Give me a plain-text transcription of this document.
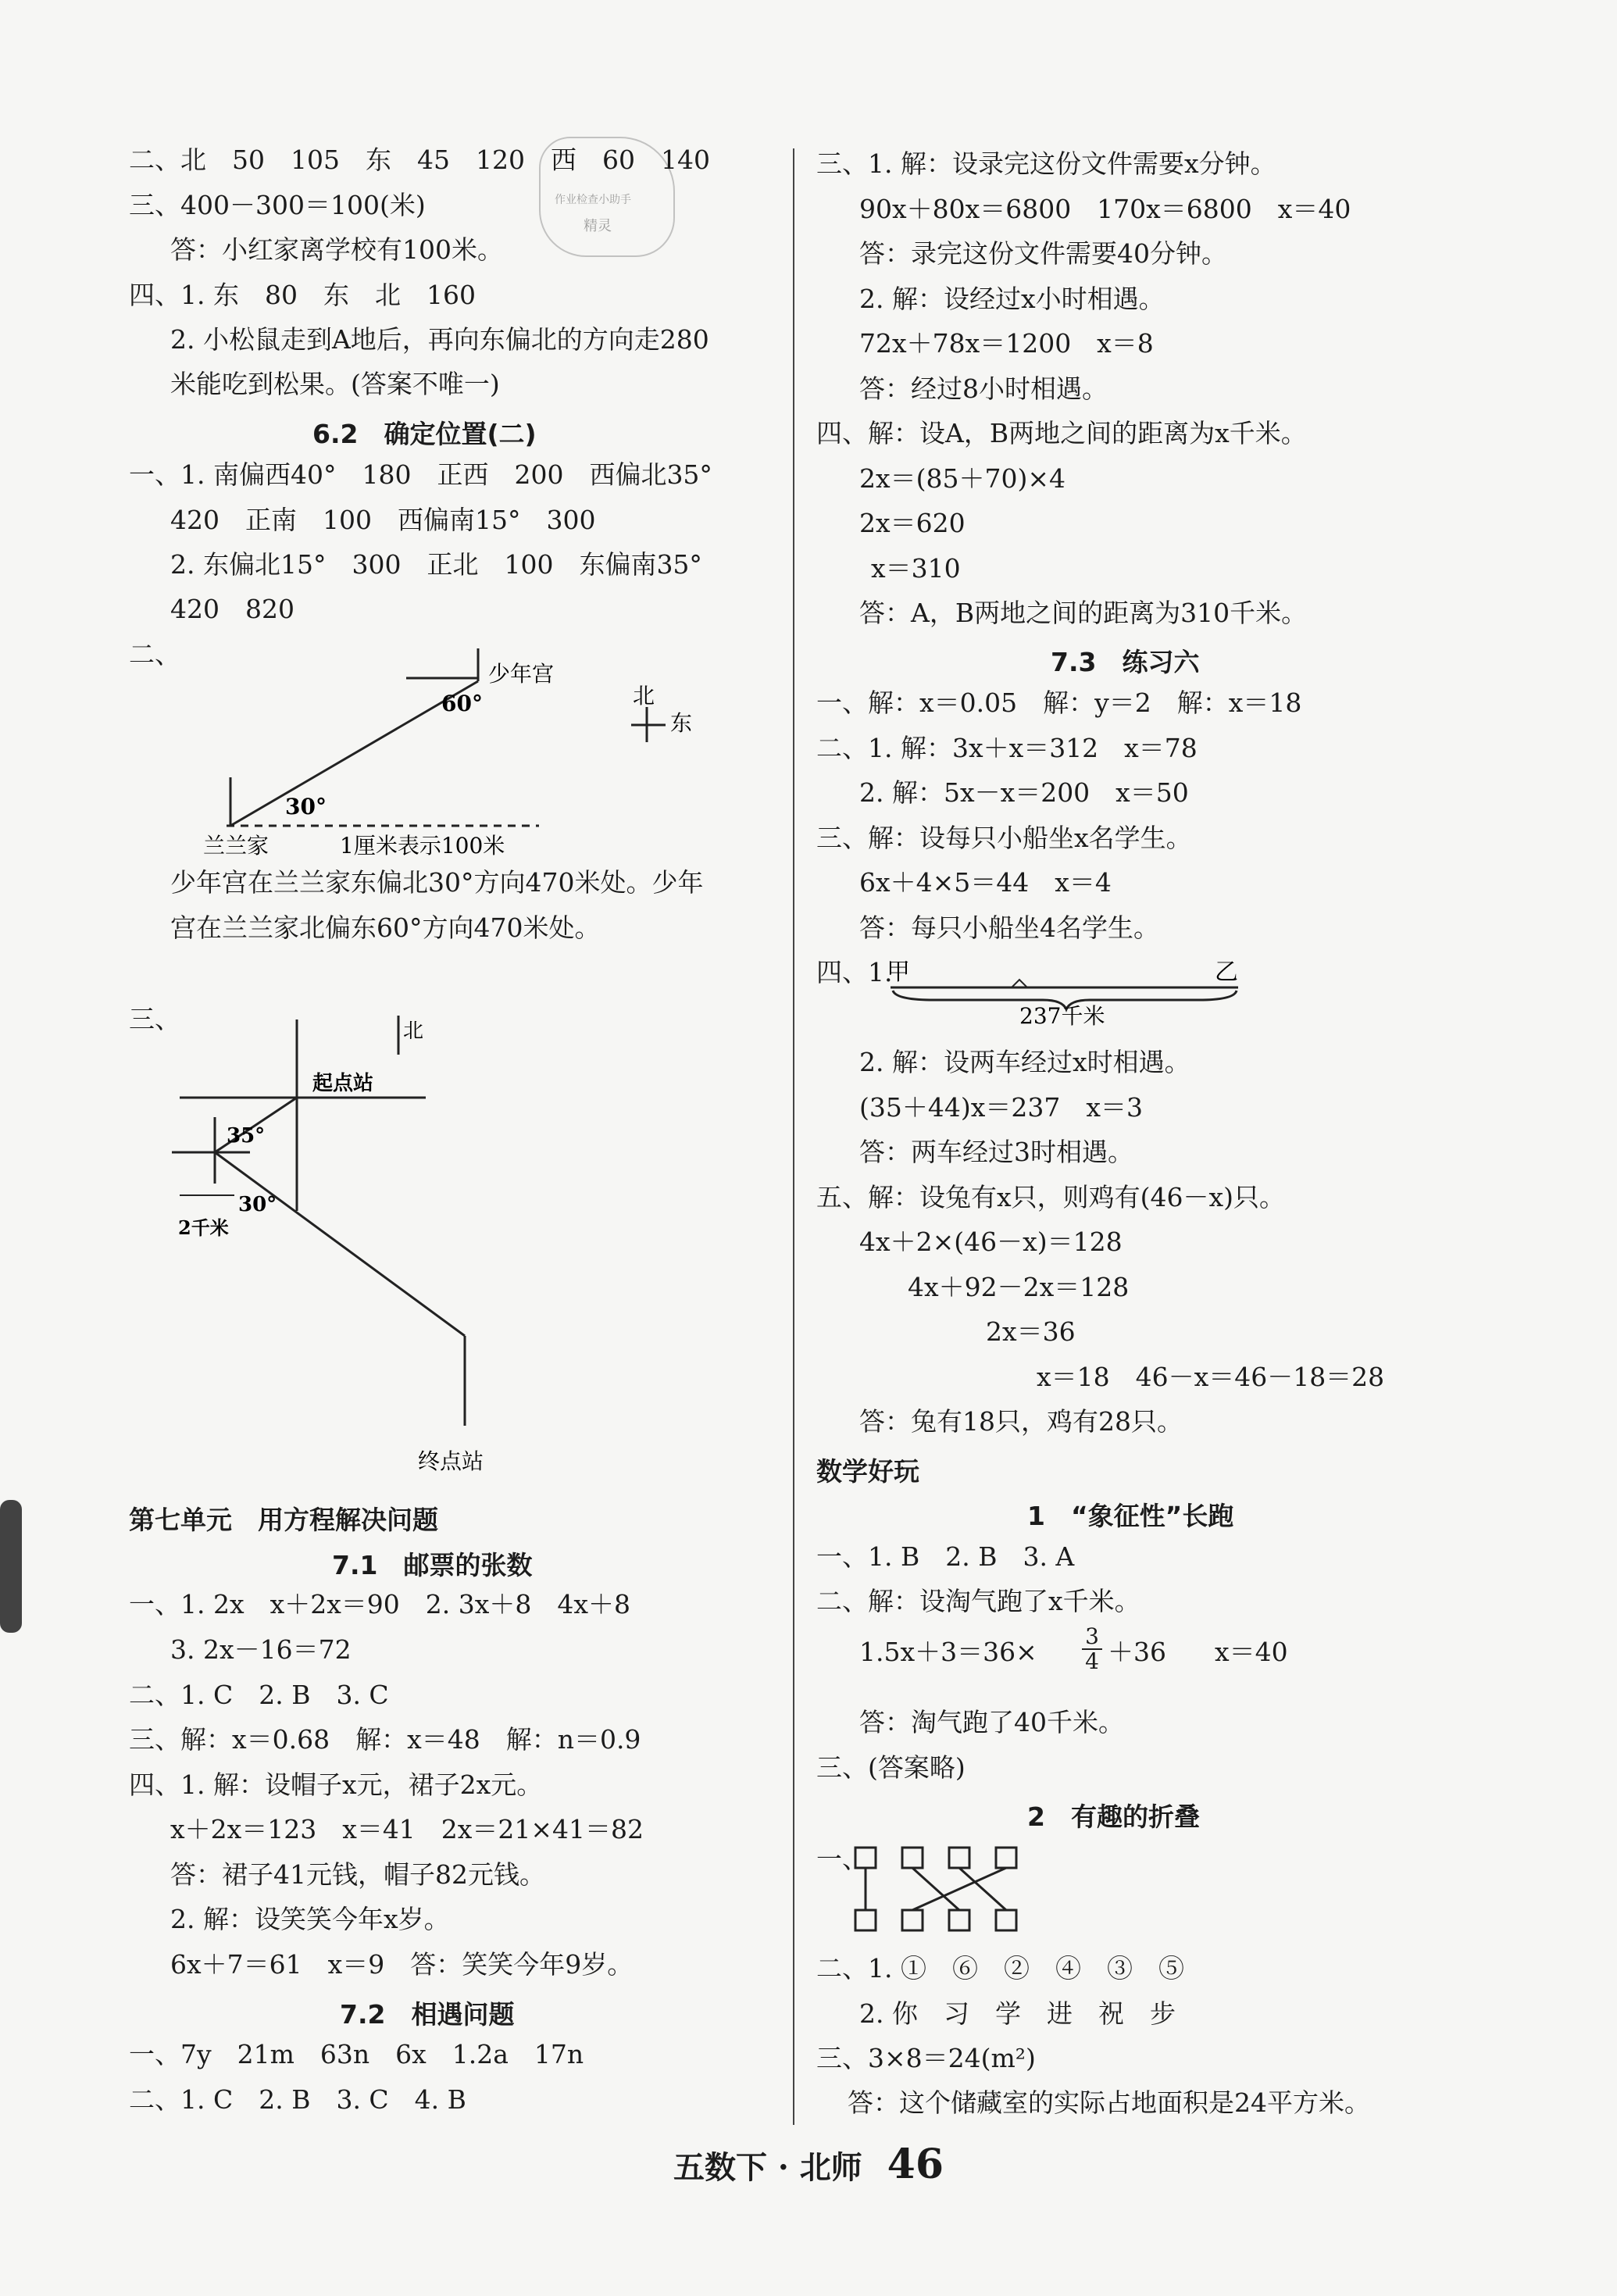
作业检查小助手
精灵
二、北　50　105　东　45　120　西　60　140
三、400－300＝100(米)
答：小红家离学校有100米。
四、1. 东　80　东　北　160
2. 小松鼠走到A地后，再向东偏北的方向走280
米能吃到松果。(答案不唯一)
6.2　确定位置(二)
一、1. 南偏西40°　180　正西　200　西偏北35°
420　正南　100　西偏南15°　300
2. 东偏北15°　300　正北　100　东偏南35°
420　820
二、
少年宫
60°
30°
兰兰家	1厘米表示100米
北
东
少年宫在兰兰家东偏北30°方向470米处。少年
宫在兰兰家北偏东60°方向470米处。
三、	北
起点站
35°
30°
2千米
终点站
第七单元　用方程解决问题
7.1　邮票的张数
一、1. 2x　x＋2x＝90　2. 3x＋8　4x＋8
3. 2x－16＝72
二、1. C　2. B　3. C
三、解：x＝0.68　解：x＝48　解：n＝0.9
四、1. 解：设帽子x元，裙子2x元。
x＋2x＝123　x＝41　2x＝21×41＝82
答：裙子41元钱，帽子82元钱。
2. 解：设笑笑今年x岁。
6x＋7＝61　x＝9　答：笑笑今年9岁。
7.2　相遇问题
一、7y　21m　63n　6x　1.2a　17n
二、1. C　2. B　3. C　4. B
三、1. 解：设录完这份文件需要x分钟。
90x＋80x＝6800　170x＝6800　x＝40
答：录完这份文件需要40分钟。
2. 解：设经过x小时相遇。
72x＋78x＝1200　x＝8
答：经过8小时相遇。
四、解：设A，B两地之间的距离为x千米。
2x＝(85＋70)×4
2x＝620
x＝310
答：A，B两地之间的距离为310千米。
7.3　练习六
一、解：x＝0.05　解：y＝2　解：x＝18
二、1. 解：3x＋x＝312　x＝78
2. 解：5x－x＝200　x＝50
三、解：设每只小船坐x名学生。
6x＋4×5＝44　x＝4
答：每只小船坐4名学生。
四、1.
甲	乙
237千米
2. 解：设两车经过x时相遇。
(35＋44)x＝237　x＝3
答：两车经过3时相遇。
五、解：设兔有x只，则鸡有(46－x)只。
4x＋2×(46－x)＝128
4x＋92－2x＝128
2x＝36
x＝18　46－x＝46－18＝28
答：兔有18只，鸡有28只。
数学好玩
1　“象征性”长跑
一、1. B　2. B　3. A
二、解：设淘气跑了x千米。
$1.5x+3=36\times \frac{3}{4} +36$ x＝40
答：淘气跑了40千米。
三、(答案略)
2　有趣的折叠
一、
二、1. ①　⑥　②　④　③　⑤
2. 你　习　学　进　祝　步
三、3×8＝24(m²)
答：这个储藏室的实际占地面积是24平方米。
五数下 · 北师 46
